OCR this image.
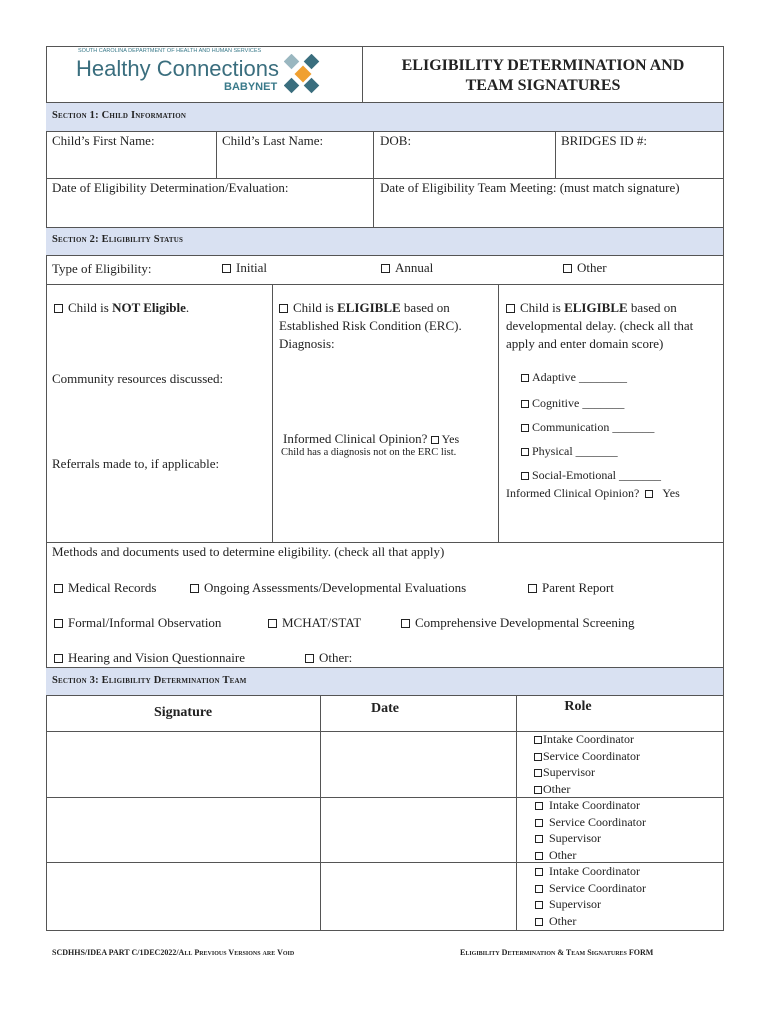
SOUTH CAROLINA DEPARTMENT OF HEALTH AND HUMAN SERVICES
Healthy Connections
BABYNET
ELIGIBILITY DETERMINATION AND
TEAM SIGNATURES
Section 1: Child Information
Child’s First Name:	Child’s Last Name:	DOB:	BRIDGES ID #:
Date of Eligibility Determination/Evaluation:	Date of Eligibility Team Meeting: (must match signature)
Section 2: Eligibility Status
Type of Eligibility:	Initial	Annual	Other
Child is NOT Eligible.
Community resources discussed:
Referrals made to, if applicable:
Child is ELIGIBLE based on
Established Risk Condition (ERC).
Diagnosis:
Informed Clinical Opinion? Yes
Child has a diagnosis not on the ERC list.
Child is ELIGIBLE based on
developmental delay. (check all that
apply and enter domain score)
Adaptive ________
Cognitive _______
Communication _______
Physical _______
Social-Emotional _______
Informed Clinical Opinion? Yes
Methods and documents used to determine eligibility. (check all that apply)
Medical Records	Ongoing Assessments/Developmental Evaluations	Parent Report
Formal/Informal Observation	MCHAT/STAT	Comprehensive Developmental Screening
Hearing and Vision Questionnaire	Other:
Section 3: Eligibility Determination Team
Signature	Date	Role
Intake Coordinator
Service Coordinator
Supervisor
Other
Intake Coordinator
Service Coordinator
Supervisor
Other
Intake Coordinator
Service Coordinator
Supervisor
Other
SCDHHS/IDEA PART C/1DEC2022/All Previous Versions are Void	Eligibility Determination & Team Signatures FORM
